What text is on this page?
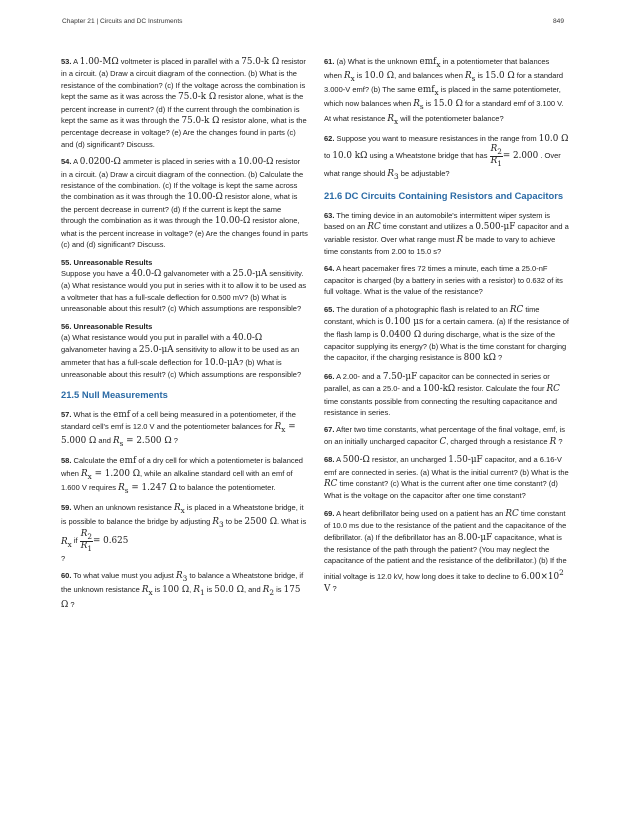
Chapter 21 | Circuits and DC Instruments	849

53. A 1.00-MΩ voltmeter is placed in parallel with a 75.0-k Ω resistor in a circuit. (a) Draw a circuit diagram of the connection. (b) What is the resistance of the combination? (c) If the voltage across the combination is kept the same as it was across the 75.0-k Ω resistor alone, what is the percent increase in current? (d) If the current through the combination is kept the same as it was through the 75.0-k Ω resistor alone, what is the percentage decrease in voltage? (e) Are the changes found in parts (c) and (d) significant? Discuss.

54. A 0.0200-Ω ammeter is placed in series with a 10.00-Ω resistor in a circuit. (a) Draw a circuit diagram of the connection. (b) Calculate the resistance of the combination. (c) If the voltage is kept the same across the combination as it was through the 10.00-Ω resistor alone, what is the percent decrease in current? (d) If the current is kept the same through the combination as it was through the 10.00-Ω resistor alone, what is the percent increase in voltage? (e) Are the changes found in parts (c) and (d) significant? Discuss.

55. Unreasonable Results
Suppose you have a 40.0-Ω galvanometer with a 25.0-μA sensitivity. (a) What resistance would you put in series with it to allow it to be used as a voltmeter that has a full-scale deflection for 0.500 mV? (b) What is unreasonable about this result? (c) Which assumptions are responsible?

56. Unreasonable Results
(a) What resistance would you put in parallel with a 40.0-Ω galvanometer having a 25.0-μA sensitivity to allow it to be used as an ammeter that has a full-scale deflection for 10.0-μA? (b) What is unreasonable about this result? (c) Which assumptions are responsible?

21.5 Null Measurements

57. What is the emf of a cell being measured in a potentiometer, if the standard cell's emf is 12.0 V and the potentiometer balances for $R_x = 5.000$ Ω and $R_s = 2.500$ Ω ?

58. Calculate the emf of a dry cell for which a potentiometer is balanced when $R_x = 1.200$ Ω, while an alkaline standard cell with an emf of 1.600 V requires $R_s = 1.247$ Ω to balance the potentiometer.

59. When an unknown resistance $R_x$ is placed in a Wheatstone bridge, it is possible to balance the bridge by adjusting $R_3$ to be 2500 Ω. What is $R_x$ if $\frac{R_2}{R_1} = 0.625$

?

60. To what value must you adjust $R_3$ to balance a Wheatstone bridge, if the unknown resistance $R_x$ is 100 Ω, $R_1$ is 50.0 Ω, and $R_2$ is 175 Ω ?

61. (a) What is the unknown emf$_x$ in a potentiometer that balances when $R_x$ is 10.0 Ω, and balances when $R_s$ is 15.0 Ω for a standard 3.000-V emf? (b) The same emf$_x$ is placed in the same potentiometer, which now balances when $R_s$ is 15.0 Ω for a standard emf of 3.100 V. At what resistance $R_x$ will the potentiometer balance?

62. Suppose you want to measure resistances in the range from 10.0 Ω to 10.0 kΩ using a Wheatstone bridge that has $\frac{R_2}{R_1} = 2.000$ . Over what range should $R_3$ be adjustable?

21.6 DC Circuits Containing Resistors and Capacitors

63. The timing device in an automobile's intermittent wiper system is based on an RC time constant and utilizes a 0.500-μF capacitor and a variable resistor. Over what range must R be made to vary to achieve time constants from 2.00 to 15.0 s?

64. A heart pacemaker fires 72 times a minute, each time a 25.0-nF capacitor is charged (by a battery in series with a resistor) to 0.632 of its full voltage. What is the value of the resistance?

65. The duration of a photographic flash is related to an RC time constant, which is 0.100 μs for a certain camera. (a) If the resistance of the flash lamp is 0.0400 Ω during discharge, what is the size of the capacitor supplying its energy? (b) What is the time constant for charging the capacitor, if the charging resistance is 800 kΩ ?

66. A 2.00- and a 7.50-μF capacitor can be connected in series or parallel, as can a 25.0- and a 100-kΩ resistor. Calculate the four RC time constants possible from connecting the resulting capacitance and resistance in series.

67. After two time constants, what percentage of the final voltage, emf, is on an initially uncharged capacitor C, charged through a resistance R ?

68. A 500-Ω resistor, an uncharged 1.50-μF capacitor, and a 6.16-V emf are connected in series. (a) What is the initial current? (b) What is the RC time constant? (c) What is the current after one time constant? (d) What is the voltage on the capacitor after one time constant?

69. A heart defibrillator being used on a patient has an RC time constant of 10.0 ms due to the resistance of the patient and the capacitance of the defibrillator. (a) If the defibrillator has an 8.00-μF capacitance, what is the resistance of the path through the patient? (You may neglect the capacitance of the patient and the resistance of the defibrillator.) (b) If the initial voltage is 12.0 kV, how long does it take to decline to $6.00\times 10^2$ V ?
